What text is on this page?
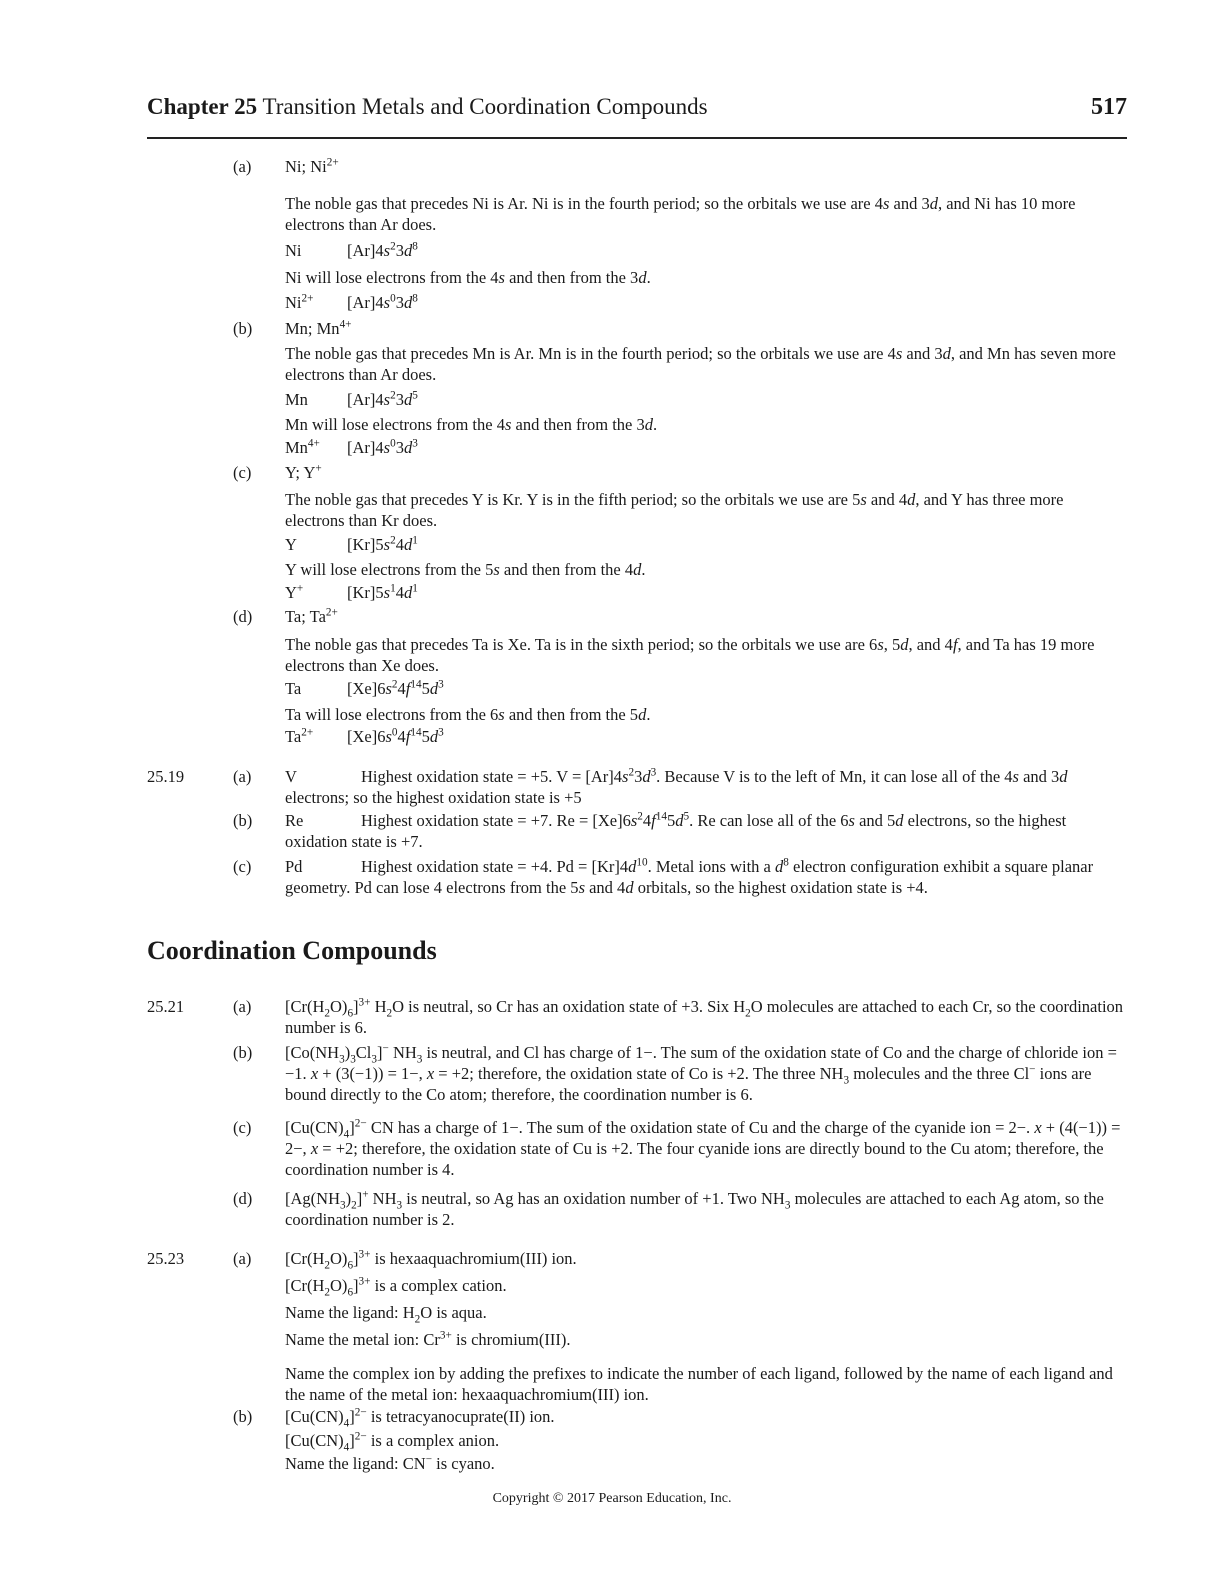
Chapter 25 Transition Metals and Coordination Compounds	517

(a) Ni; $Ni^{2+}$

The noble gas that precedes Ni is Ar. Ni is in the fourth period; so the orbitals we use are 4s and 3d, and Ni has 10 more electrons than Ar does.

Ni	$[Ar]4s^23d^8$

Ni will lose electrons from the 4s and then from the 3d.

$Ni^{2+}$ $[Ar]4s^03d^8$

(b) Mn; $Mn^{4+}$

The noble gas that precedes Mn is Ar. Mn is in the fourth period; so the orbitals we use are 4s and 3d, and Mn has seven more electrons than Ar does.

Mn $[Ar]4s^23d^5$

Mn will lose electrons from the 4s and then from the 3d.

$Mn^{4+}$ $[Ar]4s^03d^3$

(c) Y; Y+

The noble gas that precedes Y is Kr. Y is in the fifth period; so the orbitals we use are 5s and 4d, and Y has three more electrons than Kr does.

Y	$[Kr]5s^24d^1$

Y will lose electrons from the 5s and then from the 4d.

Y+	$[Kr]5s^14d^1$

(d) Ta; $Ta^{2+}$

The noble gas that precedes Ta is Xe. Ta is in the sixth period; so the orbitals we use are 6s, 5d, and 4f, and Ta has 19 more electrons than Xe does.

Ta	$[Xe]6s^24f^{14}5d^3$

Ta will lose electrons from the 6s and then from the 5d.

$Ta^{2+}$ $[Xe]6s^04f^{14}5d^3$

25.19	(a) V	Highest oxidation state = +5. $V = [Ar]4s^23d^3$. Because V is to the left of Mn, it can lose all of the 4s and 3d electrons; so the highest oxidation state is +5

(b) Re	Highest oxidation state = +7. $Re = [Xe]6s^24f^{14}5d^5$. Re can lose all of the 6s and 5d electrons, so the highest oxidation state is +7.

(c) Pd	Highest oxidation state = +4. $Pd = [Kr]4d^{10}$. Metal ions with a $d^8$ electron configuration exhibit a square planar geometry. Pd can lose 4 electrons from the 5s and 4d orbitals, so the highest oxidation state is +4.

Coordination Compounds

25.21	(a) $[Cr(H_2O)_6]^{3+}$ $H_2O$ is neutral, so Cr has an oxidation state of +3. Six $H_2O$ molecules are attached to each Cr, so the coordination number is 6.

(b) $[Co(NH_3)_3Cl_3]^-$ $NH_3$ is neutral, and Cl has charge of 1−. The sum of the oxidation state of Co and the charge of chloride ion = −1. x + (3(−1)) = 1−, x = +2; therefore, the oxidation state of Co is +2. The three $NH_3$ molecules and the three Cl− ions are bound directly to the Co atom; therefore, the coordination number is 6.

(c) $[Cu(CN)_4]^{2-}$ CN has a charge of 1−. The sum of the oxidation state of Cu and the charge of the cyanide ion = 2−. x + (4(−1)) = 2−, x = +2; therefore, the oxidation state of Cu is +2. The four cyanide ions are directly bound to the Cu atom; therefore, the coordination number is 4.

(d) $[Ag(NH_3)_2]^+$ $NH_3$ is neutral, so Ag has an oxidation number of +1. Two $NH_3$ molecules are attached to each Ag atom, so the coordination number is 2.

25.23	(a) $[Cr(H_2O)_6]^{3+}$ is hexaaquachromium(III) ion.

$[Cr(H_2O)_6]^{3+}$ is a complex cation.

Name the ligand: $H_2O$ is aqua.

Name the metal ion: $Cr^{3+}$ is chromium(III).

Name the complex ion by adding the prefixes to indicate the number of each ligand, followed by the name of each ligand and the name of the metal ion: hexaaquachromium(III) ion.

(b) $[Cu(CN)_4]^{2-}$ is tetracyanocuprate(II) ion.

$[Cu(CN)_4]^{2-}$ is a complex anion.

Name the ligand: CN− is cyano.

Copyright © 2017 Pearson Education, Inc.
